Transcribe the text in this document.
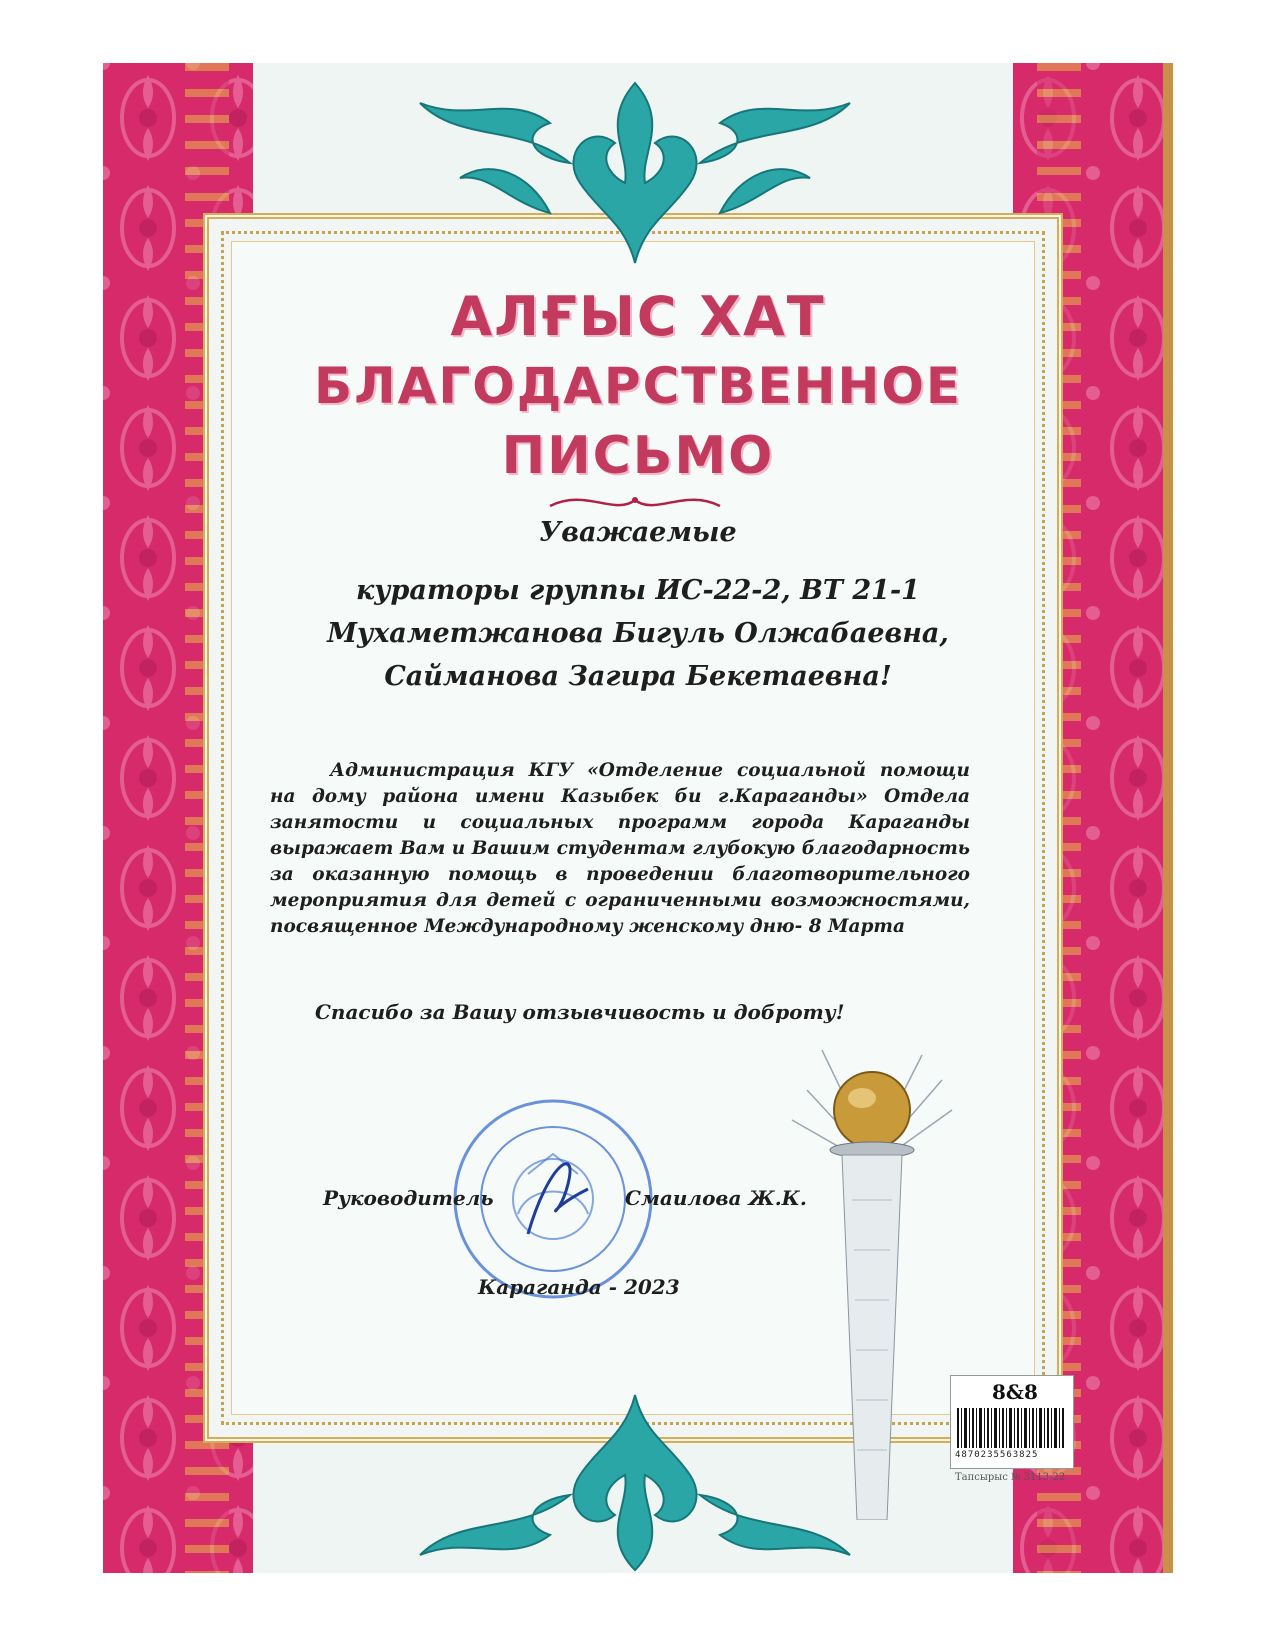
АЛҒЫС ХАТ
БЛАГОДАРСТВЕННОЕ
ПИСЬМО
Уважаемые
кураторы группы ИС-22-2, ВТ 21-1
Мухаметжанова Бигуль Олжабаевна,
Сайманова Загира Бекетаевна!

Администрация КГУ «Отделение социальной помощи на дому района имени Казыбек би г.Караганды» Отдела занятости и социальных программ города Караганды выражает Вам и Вашим студентам глубокую благодарность за оказанную помощь в проведении благотворительного мероприятия для детей с ограниченными возможностями, посвященное Международному женскому дню- 8 Марта

Спасибо за Вашу отзывчивость и доброту!
Руководитель	Смаилова Ж.К.
Караганда - 2023
8&8
4870235563825
Тапсырыс № 3113-22
